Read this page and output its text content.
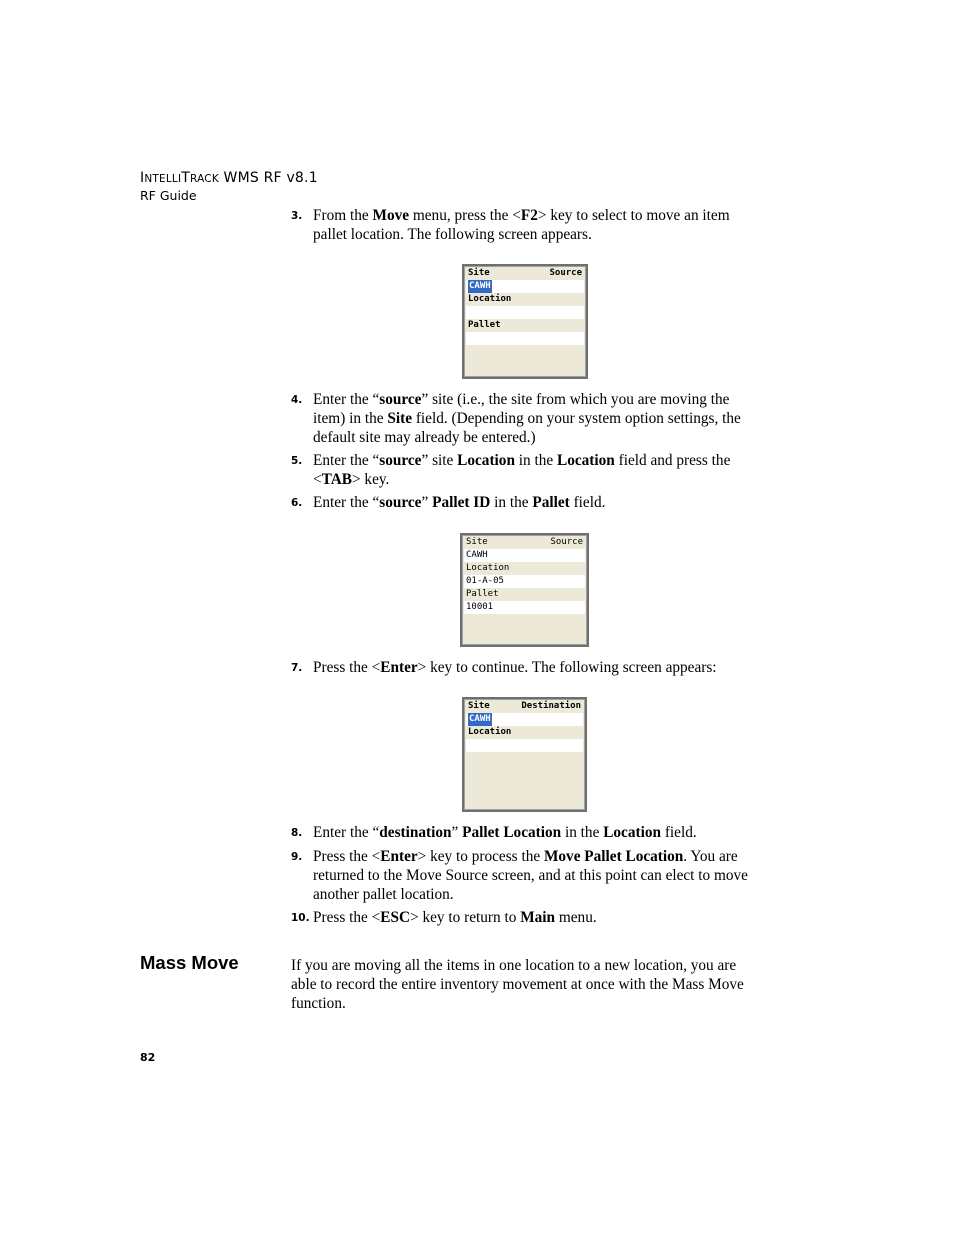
INTELLITRACK WMS RF v8.1
RF Guide
3. From the Move menu, press the <F2> key to select to move an item pallet location. The following screen appears.
Site	Source
CAWH
Location
Pallet
4. Enter the “source” site (i.e., the site from which you are moving the item) in the Site field. (Depending on your system option settings, the default site may already be entered.)
5. Enter the “source” site Location in the Location field and press the <TAB> key.
6. Enter the “source” Pallet ID in the Pallet field.
Site	Source
CAWH
Location
01-A-05
Pallet
10001
7. Press the <Enter> key to continue. The following screen appears:
Site	Destination
CAWH
Location
8. Enter the “destination” Pallet Location in the Location field.
9. Press the <Enter> key to process the Move Pallet Location. You are returned to the Move Source screen, and at this point can elect to move another pallet location.
10. Press the <ESC> key to return to Main menu.
Mass Move	If you are moving all the items in one location to a new location, you are able to record the entire inventory movement at once with the Mass Move function.
82
